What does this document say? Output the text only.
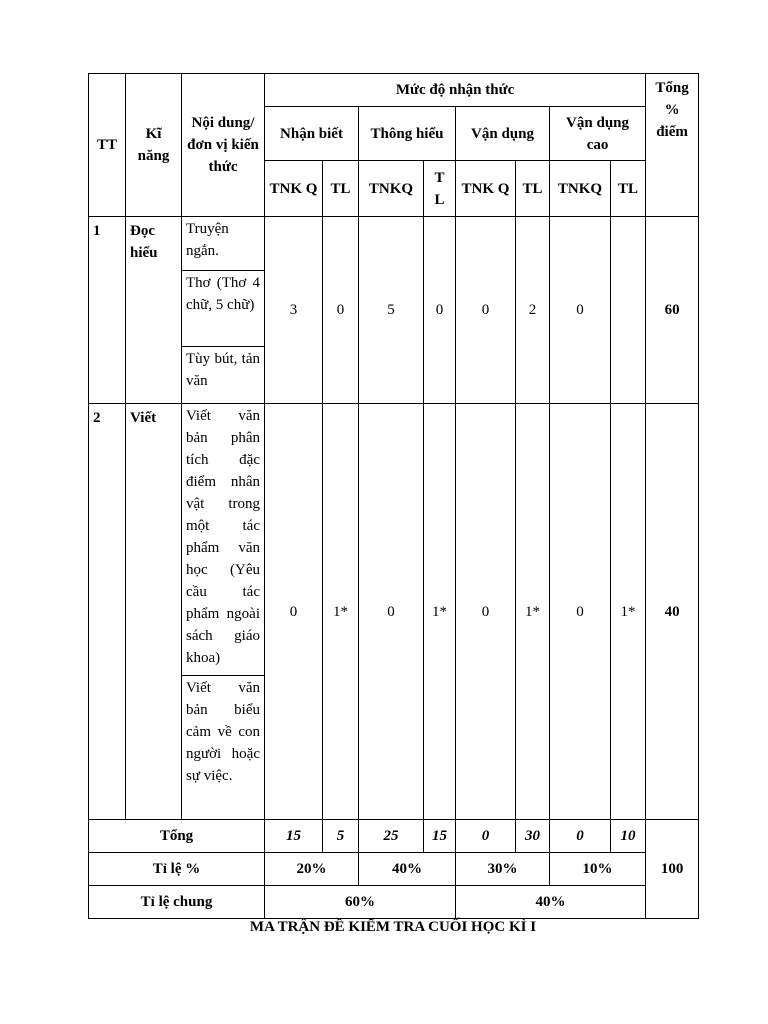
TT	Kĩ năng	Nội dung/đơn vị kiến thức	Mức độ nhận thức								Tổng % điểm
			Nhận biết		Thông hiểu		Vận dụng		Vận dụng cao		
			TNK Q	TL	TNKQ	T L	TNK Q	TL	TNKQ	TL	
1	Đọc hiểu	Truyện ngắn.	3	0	5	0	0	2	0		60
		Thơ (Thơ 4 chữ, 5 chữ)									
		Tùy bút, tản văn									
2	Viết	Viết văn bản phân tích đặc điểm nhân vật trong một tác phẩm văn học (Yêu cầu tác phẩm ngoài sách giáo khoa)	0	1*	0	1*	0	1*	0	1*	40
		Viết văn bản biểu cảm về con người hoặc sự việc.									
Tổng			15	5	25	15	0	30	0	10	100
Tỉ lệ %			20%		40%		30%		10%		
Tỉ lệ chung			60%				40%				
MA TRẬN ĐỀ KIỂM TRA CUỐI HỌC KÌ I
